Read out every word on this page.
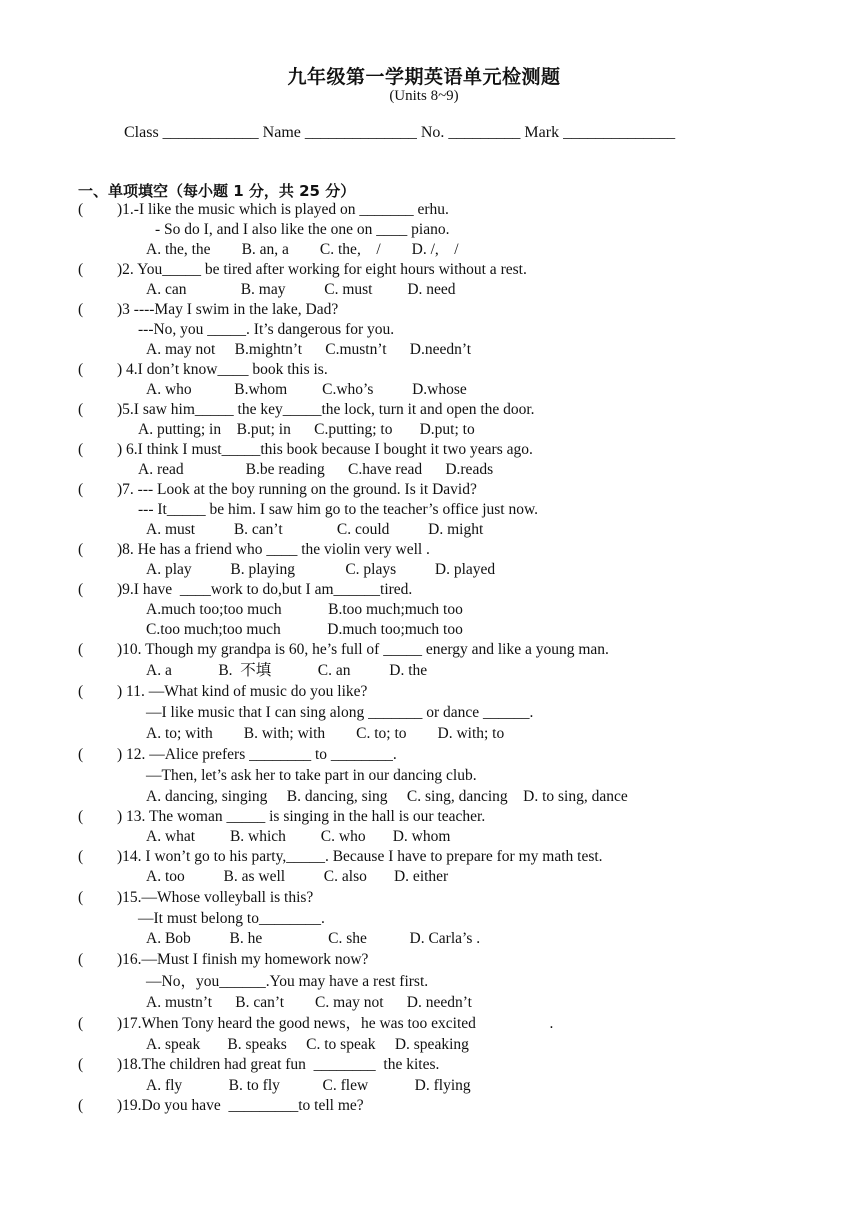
九年级第一学期英语单元检测题
(Units 8~9)
Class ____________ Name ______________ No. _________ Mark ______________
一、单项填空（每小题 1 分，共 25 分）
( )1.-I like the music which is played on _______ erhu.
- So do I, and I also like the one on ____ piano.
A. the, the        B. an, a        C. the,    /        D. /,    /
( )2. You_____ be tired after working for eight hours without a rest.
A. can              B. may          C. must         D. need
( )3 ----May I swim in the lake, Dad?
---No, you _____. It’s dangerous for you.
A. may not     B.mightn’t      C.mustn’t      D.needn’t
( ) 4.I don’t know____ book this is.
A. who           B.whom         C.who’s          D.whose
( )5.I saw him_____ the key_____the lock, turn it and open the door.
A. putting; in    B.put; in      C.putting; to       D.put; to
( ) 6.I think I must_____this book because I bought it two years ago.
A. read                B.be reading      C.have read      D.reads
( )7. --- Look at the boy running on the ground. Is it David?
--- It_____ be him. I saw him go to the teacher’s office just now.
A. must          B. can’t              C. could          D. might
( )8. He has a friend who ____ the violin very well .
A. play          B. playing             C. plays          D. played
( )9.I have  ____work to do,but I am______tired.
A.much too;too much            B.too much;much too
C.too much;too much            D.much too;much too
( )10. Though my grandpa is 60, he’s full of _____ energy and like a young man.
A. a            B.  不填            C. an          D. the
( ) 11. —What kind of music do you like?
—I like music that I can sing along _______ or dance ______.
A. to; with        B. with; with        C. to; to        D. with; to
( ) 12. —Alice prefers ________ to ________.
—Then, let’s ask her to take part in our dancing club.
A. dancing, singing     B. dancing, sing     C. sing, dancing    D. to sing, dance
( ) 13. The woman _____ is singing in the hall is our teacher.
A. what         B. which         C. who       D. whom
( )14. I won’t go to his party,_____. Because I have to prepare for my math test.
A. too          B. as well          C. also       D. either
( )15.—Whose volleyball is this?
—It must belong to________.
A. Bob          B. he                 C. she           D. Carla’s .
( )16.—Must I finish my homework now?
—No，you______.You may have a rest first.
A. mustn’t      B. can’t        C. may not      D. needn’t
( )17.When Tony heard the good news，he was too excited                   .
A. speak       B. speaks     C. to speak     D. speaking
( )18.The children had great fun  ________  the kites.
A. fly            B. to fly           C. flew            D. flying
( )19.Do you have  _________to tell me?
